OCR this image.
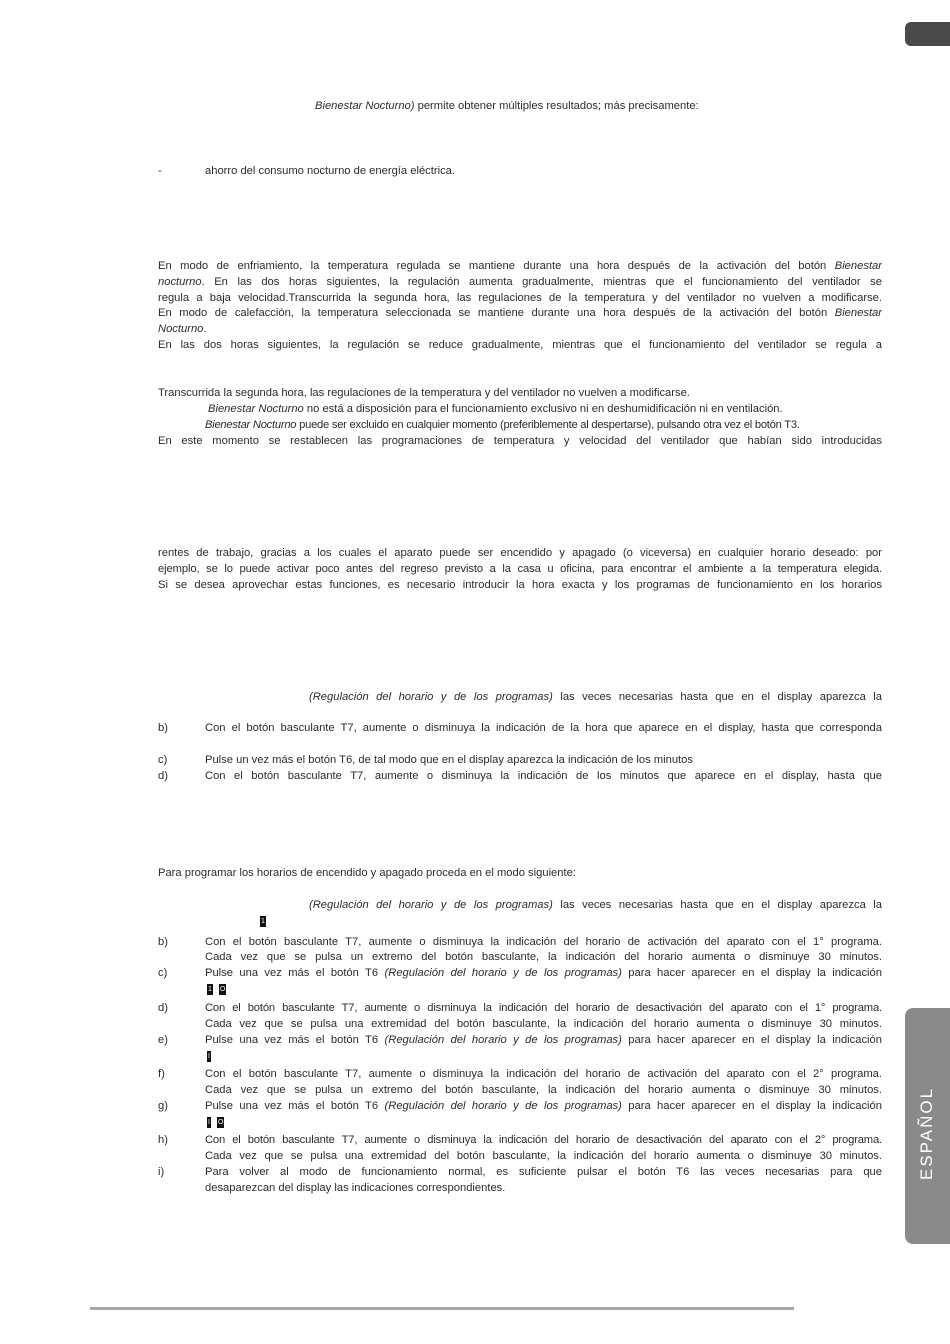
ESPAÑOL
Bienestar Nocturno) permite obtener múltiples resultados; más precisamente:
-	ahorro del consumo nocturno de energía eléctrica.
En modo de enfriamiento, la temperatura regulada se mantiene durante una hora después de la activación del botón Bienestar
nocturno. En las dos horas siguientes, la regulación aumenta gradualmente, mientras que el funcionamiento del ventilador se
regula a baja velocidad.Transcurrida la segunda hora, las regulaciones de la temperatura y del ventilador no vuelven a modificarse.
En modo de calefacción, la temperatura seleccionada se mantiene durante una hora después de la activación del botón Bienestar
Nocturno.
En las dos horas siguientes, la regulación se reduce gradualmente, mientras que el funcionamiento del ventilador se regula a
Transcurrida la segunda hora, las regulaciones de la temperatura y del ventilador no vuelven a modificarse.
Bienestar Nocturno no está a disposición para el funcionamiento exclusivo ni en deshumidificación ni en ventilación.
Bienestar Nocturno puede ser excluido en cualquier momento (preferiblemente al despertarse), pulsando otra vez el botón T3.
En este momento se restablecen las programaciones de temperatura y velocidad del ventilador que habían sido introducidas
rentes de trabajo, gracias a los cuales el aparato puede ser encendido y apagado (o viceversa) en cualquier horario deseado: por
ejemplo, se lo puede activar poco antes del regreso previsto a la casa u oficina, para encontrar el ambiente a la temperatura elegida.
Si se desea aprovechar estas funciones, es necesario introducir la hora exacta y los programas de funcionamiento en los horarios
(Regulación del horario y de los programas) las veces necesarias hasta que en el display aparezca la
b)	Con el botón basculante T7, aumente o disminuya la indicación de la hora que aparece en el display, hasta que corresponda
c)	Pulse un vez más el botón T6, de tal modo que en el display aparezca la indicación de los minutos
d)	Con el botón basculante T7, aumente o disminuya la indicación de los minutos que aparece en el display, hasta que
Para programar los horarios de encendido y apagado proceda en el modo siguiente:
(Regulación del horario y de los programas) las veces necesarias hasta que en el display aparezca la
1
b)	Con el botón basculante T7, aumente o disminuya la indicación del horario de activación del aparato con el 1° programa.
Cada vez que se pulsa un extremo del botón basculante, la indicación del horario aumenta o disminuye 30 minutos.
c)	Pulse una vez más el botón T6 (Regulación del horario y de los programas) para hacer aparecer en el display la indicación
1 O
d)	Con el botón basculante T7, aumente o disminuya la indicación del horario de desactivación del aparato con el 1° programa.
Cada vez que se pulsa una extremidad del botón basculante, la indicación del horario aumenta o disminuye 30 minutos.
e)	Pulse una vez más el botón T6 (Regulación del horario y de los programas) para hacer aparecer en el display la indicación
I
f)	Con el botón basculante T7, aumente o disminuya la indicación del horario de activación del aparato con el 2° programa.
Cada vez que se pulsa un extremo del botón basculante, la indicación del horario aumenta o disminuye 30 minutos.
g)	Pulse una vez más el botón T6 (Regulación del horario y de los programas) para hacer aparecer en el display la indicación
I O
h)	Con el botón basculante T7, aumente o disminuya la indicación del horario de desactivación del aparato con el 2° programa.
Cada vez que se pulsa una extremidad del botón basculante, la indicación del horario aumenta o disminuye 30 minutos.
i)	Para volver al modo de funcionamiento normal, es suficiente pulsar el botón T6 las veces necesarias para que
desaparezcan del display las indicaciones correspondientes.
